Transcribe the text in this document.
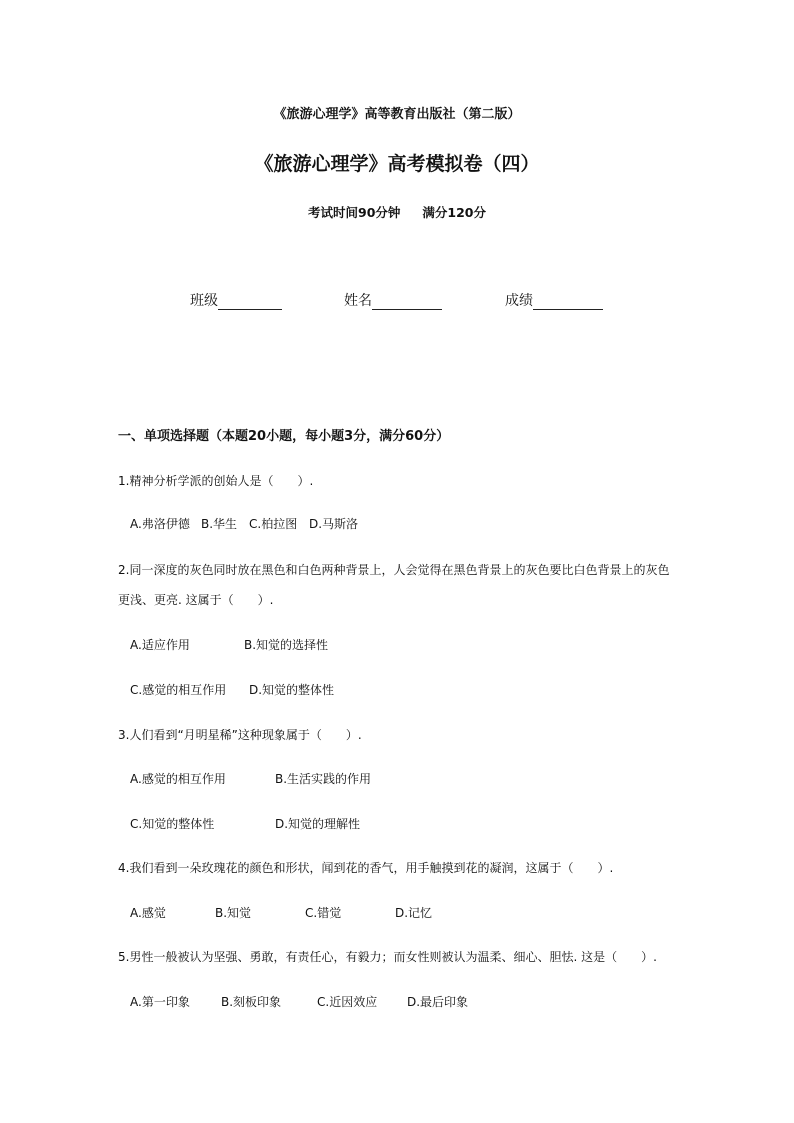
《旅游心理学》高等教育出版社（第二版）
《旅游心理学》高考模拟卷（四）
考试时间90分钟 满分120分
班级	姓名	成绩
一、单项选择题（本题20小题，每小题3分，满分60分）
1.精神分析学派的创始人是（　　）.
A.弗洛伊德 B.华生 C.柏拉图 D.马斯洛
2.同一深度的灰色同时放在黑色和白色两种背景上，人会觉得在黑色背景上的灰色要比白色背景上的灰色
更浅、更亮. 这属于（　　）.
A.适应作用	B.知觉的选择性
C.感觉的相互作用 D.知觉的整体性
3.人们看到“月明星稀”这种现象属于（　　）.
A.感觉的相互作用	B.生活实践的作用
C.知觉的整体性	D.知觉的理解性
4.我们看到一朵玫瑰花的颜色和形状，闻到花的香气，用手触摸到花的凝润，这属于（　　）.
A.感觉	B.知觉	C.错觉	D.记忆
5.男性一般被认为坚强、勇敢，有责任心，有毅力；而女性则被认为温柔、细心、胆怯. 这是（　　）.
A.第一印象	B.刻板印象	C.近因效应 D.最后印象
